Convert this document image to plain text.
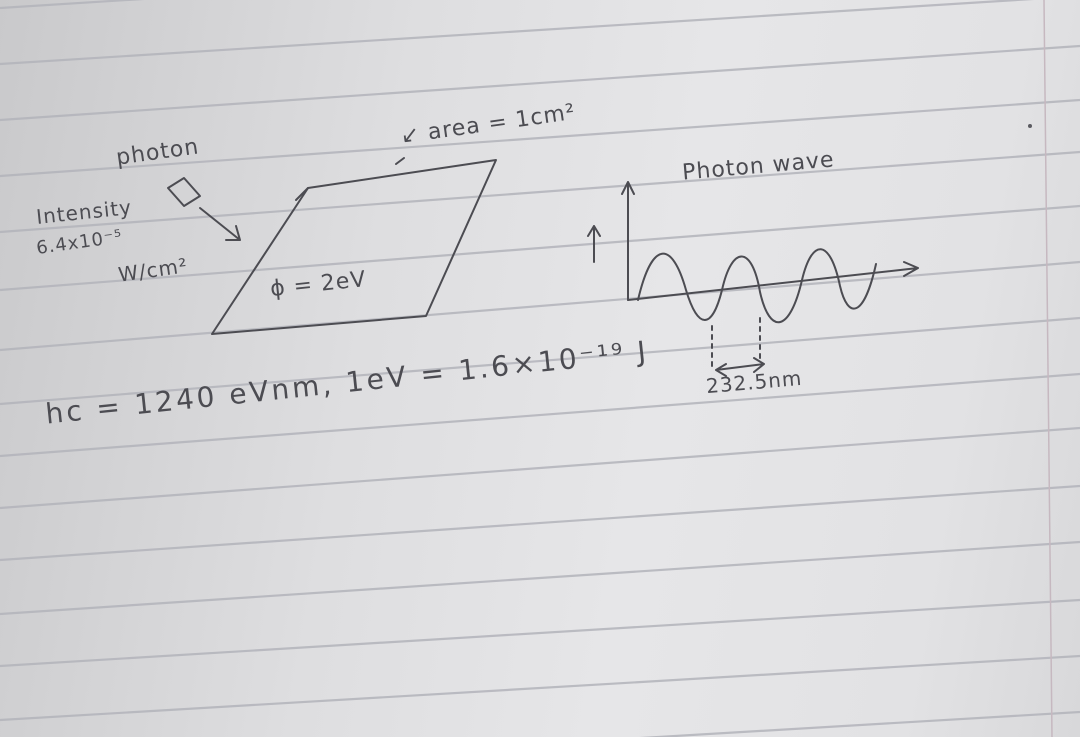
photon

Intensity

6.4x10⁻⁵

W/cm²

↙ area = 1cm²

ϕ = 2eV

Photon wave

232.5nm

hc = 1240 eVnm, 1eV = 1.6×10⁻¹⁹ J
